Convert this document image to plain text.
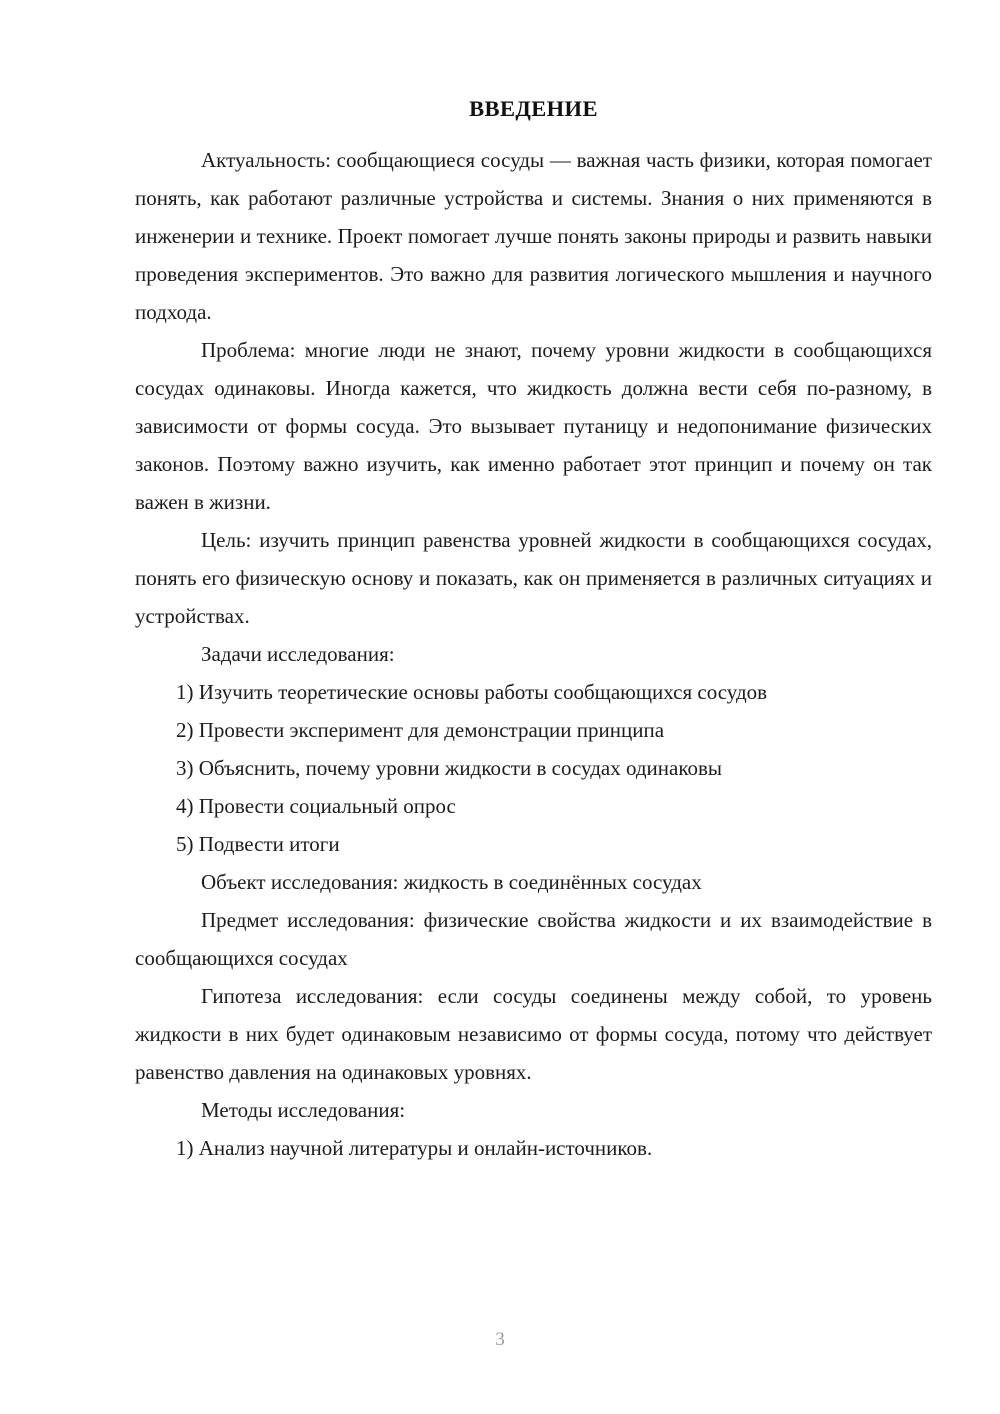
ВВЕДЕНИЕ

Актуальность: сообщающиеся сосуды — важная часть физики, которая помогает понять, как работают различные устройства и системы. Знания о них применяются в инженерии и технике. Проект помогает лучше понять законы природы и развить навыки проведения экспериментов. Это важно для развития логического мышления и научного подхода.

Проблема: многие люди не знают, почему уровни жидкости в сообщающихся сосудах одинаковы. Иногда кажется, что жидкость должна вести себя по-разному, в зависимости от формы сосуда. Это вызывает путаницу и недопонимание физических законов. Поэтому важно изучить, как именно работает этот принцип и почему он так важен в жизни.

Цель: изучить принцип равенства уровней жидкости в сообщающихся сосудах, понять его физическую основу и показать, как он применяется в различных ситуациях и устройствах.

Задачи исследования:

1) Изучить теоретические основы работы сообщающихся сосудов
2) Провести эксперимент для демонстрации принципа
3) Объяснить, почему уровни жидкости в сосудах одинаковы
4) Провести социальный опрос
5) Подвести итоги

Объект исследования: жидкость в соединённых сосудах

Предмет исследования: физические свойства жидкости и их взаимодействие в сообщающихся сосудах

Гипотеза исследования: если сосуды соединены между собой, то уровень жидкости в них будет одинаковым независимо от формы сосуда, потому что действует равенство давления на одинаковых уровнях.

Методы исследования:

1) Анализ научной литературы и онлайн-источников.
3
